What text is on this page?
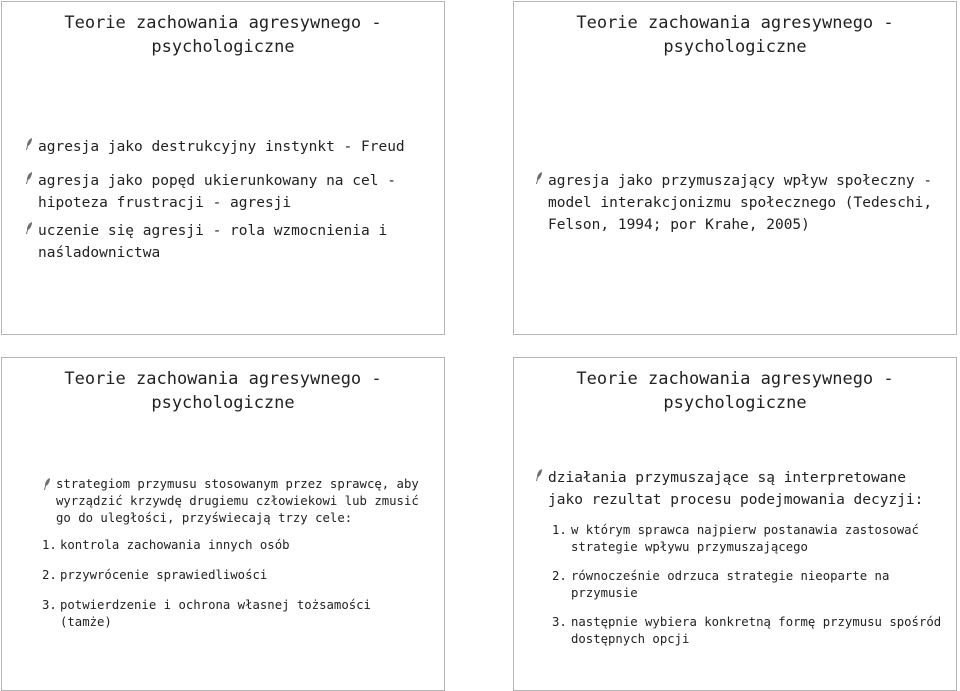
Teorie zachowania agresywnego - psychologiczne
agresja jako destrukcyjny instynkt - Freud
agresja jako popęd ukierunkowany na cel - hipoteza frustracji - agresji
uczenie się agresji - rola wzmocnienia i naśladownictwa
Teorie zachowania agresywnego - psychologiczne
agresja jako przymuszający wpływ społeczny - model interakcjonizmu społecznego (Tedeschi, Felson, 1994; por Krahe, 2005)
Teorie zachowania agresywnego - psychologiczne
strategiom przymusu stosowanym przez sprawcę, aby wyrządzić krzywdę drugiemu człowiekowi lub zmusić go do uległości, przyświecają trzy cele:
1. kontrola zachowania innych osób
2. przywrócenie sprawiedliwości
3. potwierdzenie i ochrona własnej tożsamości (tamże)
Teorie zachowania agresywnego - psychologiczne
działania przymuszające są interpretowane jako rezultat procesu podejmowania decyzji:
1. w którym sprawca najpierw postanawia zastosować strategie wpływu przymuszającego
2. równocześnie odrzuca strategie nieoparte na przymusie
3. następnie wybiera konkretną formę przymusu spośród dostępnych opcji
